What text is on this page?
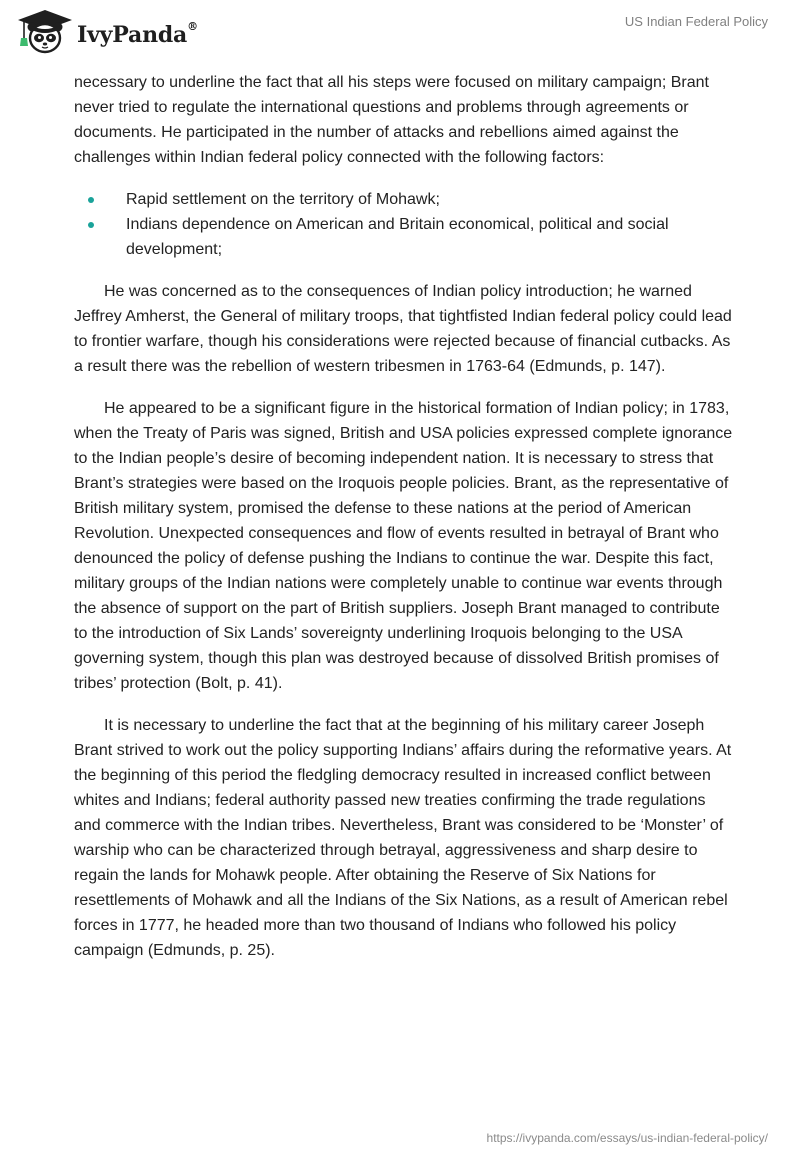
IvyPanda®	US Indian Federal Policy

necessary to underline the fact that all his steps were focused on military campaign; Brant never tried to regulate the international questions and problems through agreements or documents. He participated in the number of attacks and rebellions aimed against the challenges within Indian federal policy connected with the following factors:

Rapid settlement on the territory of Mohawk;
Indians dependence on American and Britain economical, political and social development;

He was concerned as to the consequences of Indian policy introduction; he warned Jeffrey Amherst, the General of military troops, that tightfisted Indian federal policy could lead to frontier warfare, though his considerations were rejected because of financial cutbacks. As a result there was the rebellion of western tribesmen in 1763-64 (Edmunds, p. 147).

He appeared to be a significant figure in the historical formation of Indian policy; in 1783, when the Treaty of Paris was signed, British and USA policies expressed complete ignorance to the Indian people’s desire of becoming independent nation. It is necessary to stress that Brant’s strategies were based on the Iroquois people policies. Brant, as the representative of British military system, promised the defense to these nations at the period of American Revolution. Unexpected consequences and flow of events resulted in betrayal of Brant who denounced the policy of defense pushing the Indians to continue the war. Despite this fact, military groups of the Indian nations were completely unable to continue war events through the absence of support on the part of British suppliers. Joseph Brant managed to contribute to the introduction of Six Lands’ sovereignty underlining Iroquois belonging to the USA governing system, though this plan was destroyed because of dissolved British promises of tribes’ protection (Bolt, p. 41).

It is necessary to underline the fact that at the beginning of his military career Joseph Brant strived to work out the policy supporting Indians’ affairs during the reformative years. At the beginning of this period the fledgling democracy resulted in increased conflict between whites and Indians; federal authority passed new treaties confirming the trade regulations and commerce with the Indian tribes. Nevertheless, Brant was considered to be ‘Monster’ of warship who can be characterized through betrayal, aggressiveness and sharp desire to regain the lands for Mohawk people. After obtaining the Reserve of Six Nations for resettlements of Mohawk and all the Indians of the Six Nations, as a result of American rebel forces in 1777, he headed more than two thousand of Indians who followed his policy campaign (Edmunds, p. 25).

https://ivypanda.com/essays/us-indian-federal-policy/
